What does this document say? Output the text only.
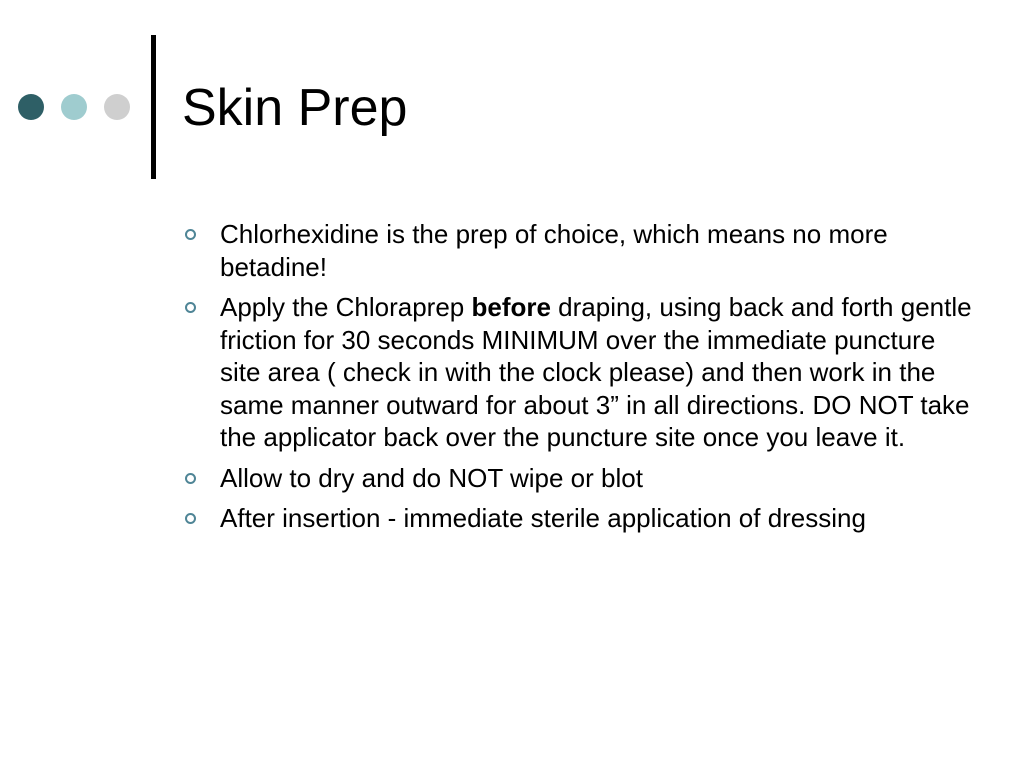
Skin Prep
Chlorhexidine is the prep of choice, which means no more betadine!
Apply the Chloraprep before draping, using back and forth gentle friction for 30 seconds MINIMUM over the immediate puncture site area ( check in with the clock please) and then work in the same manner outward for about 3” in all directions. DO NOT take the applicator back over the puncture site once you leave it.
Allow to dry and do NOT wipe or blot
After insertion - immediate sterile application of dressing
